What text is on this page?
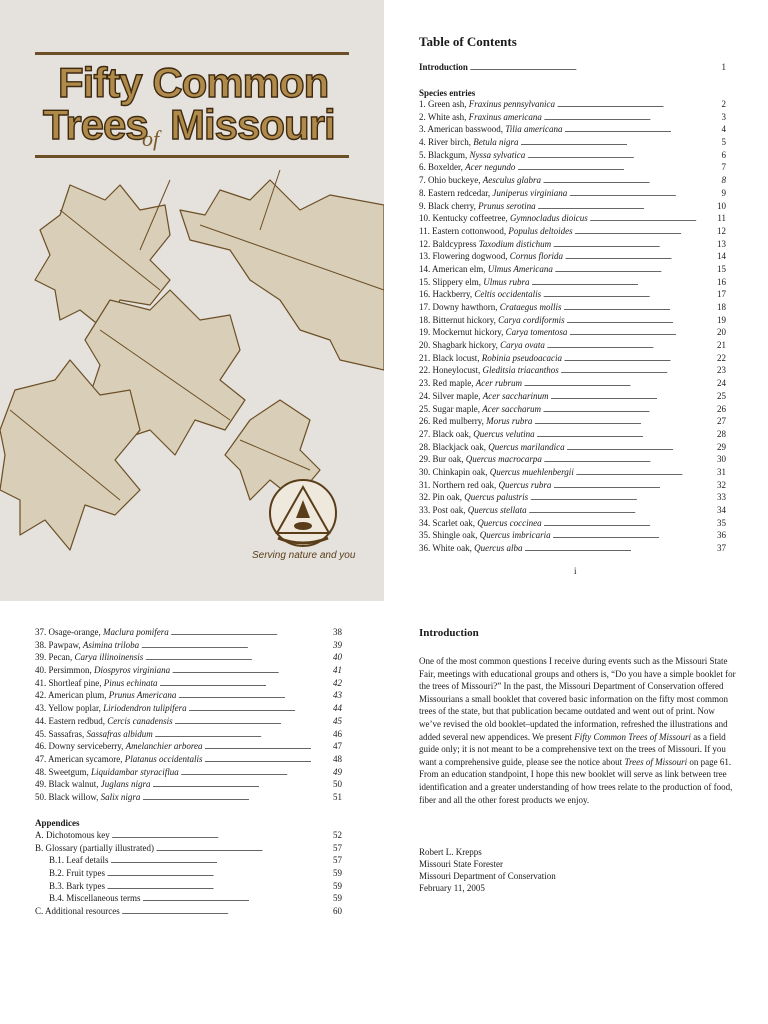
Fifty Common
Trees
of Missouri
Serving nature and you
Table of Contents
Introduction . . .	1
Species entries
1. Green ash, Fraxinus pennsylvanica . . .	2
2. White ash, Fraxinus americana . . .	3
3. American basswood, Tilia americana . . .	4
4. River birch, Betula nigra . . .	5
5. Blackgum, Nyssa sylvatica . . .	6
6. Boxelder, Acer negundo . . .	7
7. Ohio buckeye, Aesculus glabra . . .	8
8. Eastern redcedar, Juniperus virginiana . . .	9
9. Black cherry, Prunus serotina . . .	10
10. Kentucky coffeetree, Gymnocladus dioicus . . .	11
11. Eastern cottonwood, Populus deltoides . . .	12
12. Baldcypress Taxodium distichum . . .	13
13. Flowering dogwood, Cornus florida . . .	14
14. American elm, Ulmus Americana . . .	15
15. Slippery elm, Ulmus rubra . . .	16
16. Hackberry, Celtis occidentalis . . .	17
17. Downy hawthorn, Crataegus mollis . . .	18
18. Bitternut hickory, Carya cordiformis . . .	19
19. Mockernut hickory, Carya tomentosa . . .	20
20. Shagbark hickory, Carya ovata . . .	21
21. Black locust, Robinia pseudoacacia . . .	22
22. Honeylocust, Gleditsia triacanthos . . .	23
23. Red maple, Acer rubrum . . .	24
24. Silver maple, Acer saccharinum . . .	25
25. Sugar maple, Acer saccharum . . .	26
26. Red mulberry, Morus rubra . . .	27
27. Black oak, Quercus velutina . . .	28
28. Blackjack oak, Quercus marilandica . . .	29
29. Bur oak, Quercus macrocarpa . . .	30
30. Chinkapin oak, Quercus muehlenbergii . . .	31
31. Northern red oak, Quercus rubra . . .	32
32. Pin oak, Quercus palustris . . .	33
33. Post oak, Quercus stellata . . .	34
34. Scarlet oak, Quercus coccinea . . .	35
35. Shingle oak, Quercus imbricaria . . .	36
36. White oak, Quercus alba . . .	37
i
37. Osage-orange, Maclura pomifera . . .	38
38. Pawpaw, Asimina triloba . . .	39
39. Pecan, Carya illinoinensis . . .	40
40. Persimmon, Diospyros virginiana . . .	41
41. Shortleaf pine, Pinus echinata . . .	42
42. American plum, Prunus Americana . . .	43
43. Yellow poplar, Liriodendron tulipifera . . .	44
44. Eastern redbud, Cercis canadensis . . .	45
45. Sassafras, Sassafras albidum . . .	46
46. Downy serviceberry, Amelanchier arborea . . .	47
47. American sycamore, Platanus occidentalis . . .	48
48. Sweetgum, Liquidambar styraciflua . . .	49
49. Black walnut, Juglans nigra . . .	50
50. Black willow, Salix nigra . . .	51
Appendices
A. Dichotomous key . . .	52
B. Glossary (partially illustrated) . . .	57
B.1. Leaf details . . .	57
B.2. Fruit types . . .	59
B.3. Bark types . . .	59
B.4. Miscellaneous terms . . .	59
C. Additional resources . . .	60
Introduction

One of the most common questions I receive during events such as the Missouri State Fair, meetings with educational groups and others is, “Do you have a simple booklet for the trees of Missouri?” In the past, the Missouri Department of Conservation offered Missourians a small booklet that covered basic information on the fifty most common trees of the state, but that publication became outdated and went out of print. Now we’ve revised the old booklet–updated the information, refreshed the illustrations and added several new appendices. We present Fifty Common Trees of Missouri as a field guide only; it is not meant to be a comprehensive text on the trees of Missouri. If you want a comprehensive guide, please see the notice about Trees of Missouri on page 61. From an education standpoint, I hope this new booklet will serve as link between tree identification and a greater understanding of how trees relate to the production of food, fiber and all the other forest products we enjoy.

Robert L. Krepps
Missouri State Forester
Missouri Department of Conservation
February 11, 2005
